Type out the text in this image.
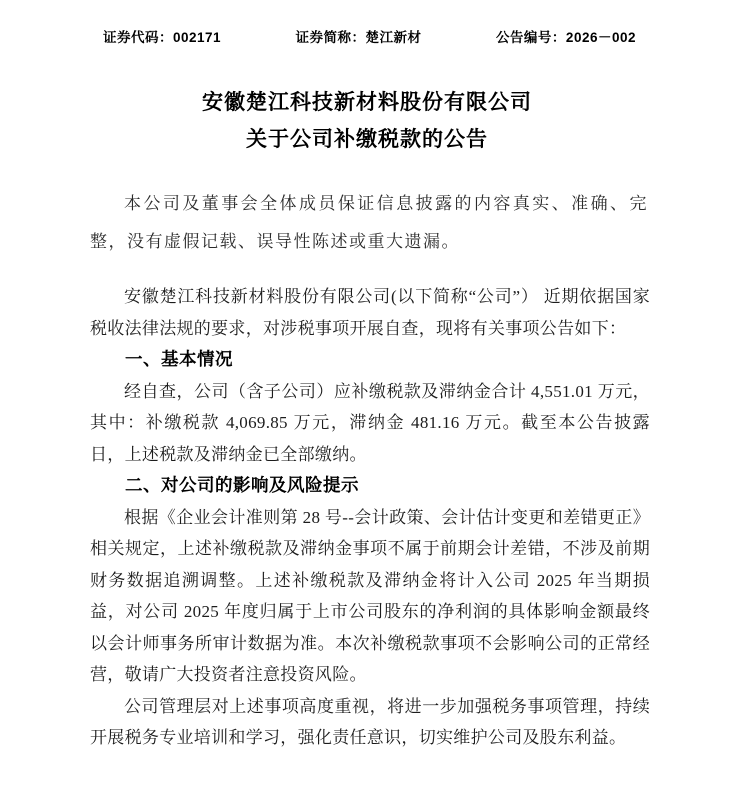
证券代码：002171	证券简称：楚江新材	公告编号：2026－002
安徽楚江科技新材料股份有限公司
关于公司补缴税款的公告

本公司及董事会全体成员保证信息披露的内容真实、准确、完整，没有虚假记载、误导性陈述或重大遗漏。

安徽楚江科技新材料股份有限公司(以下简称“公司”） 近期依据国家税收法律法规的要求，对涉税事项开展自查，现将有关事项公告如下：

一、基本情况

经自查，公司（含子公司）应补缴税款及滞纳金合计 4,551.01 万元，其中：补缴税款 4,069.85 万元，滞纳金 481.16 万元。截至本公告披露日，上述税款及滞纳金已全部缴纳。

二、对公司的影响及风险提示

根据《企业会计准则第 28 号--会计政策、会计估计变更和差错更正》相关规定，上述补缴税款及滞纳金事项不属于前期会计差错，不涉及前期财务数据追溯调整。上述补缴税款及滞纳金将计入公司 2025 年当期损益，对公司 2025 年度归属于上市公司股东的净利润的具体影响金额最终以会计师事务所审计数据为准。本次补缴税款事项不会影响公司的正常经营，敬请广大投资者注意投资风险。

公司管理层对上述事项高度重视，将进一步加强税务事项管理，持续开展税务专业培训和学习，强化责任意识，切实维护公司及股东利益。
